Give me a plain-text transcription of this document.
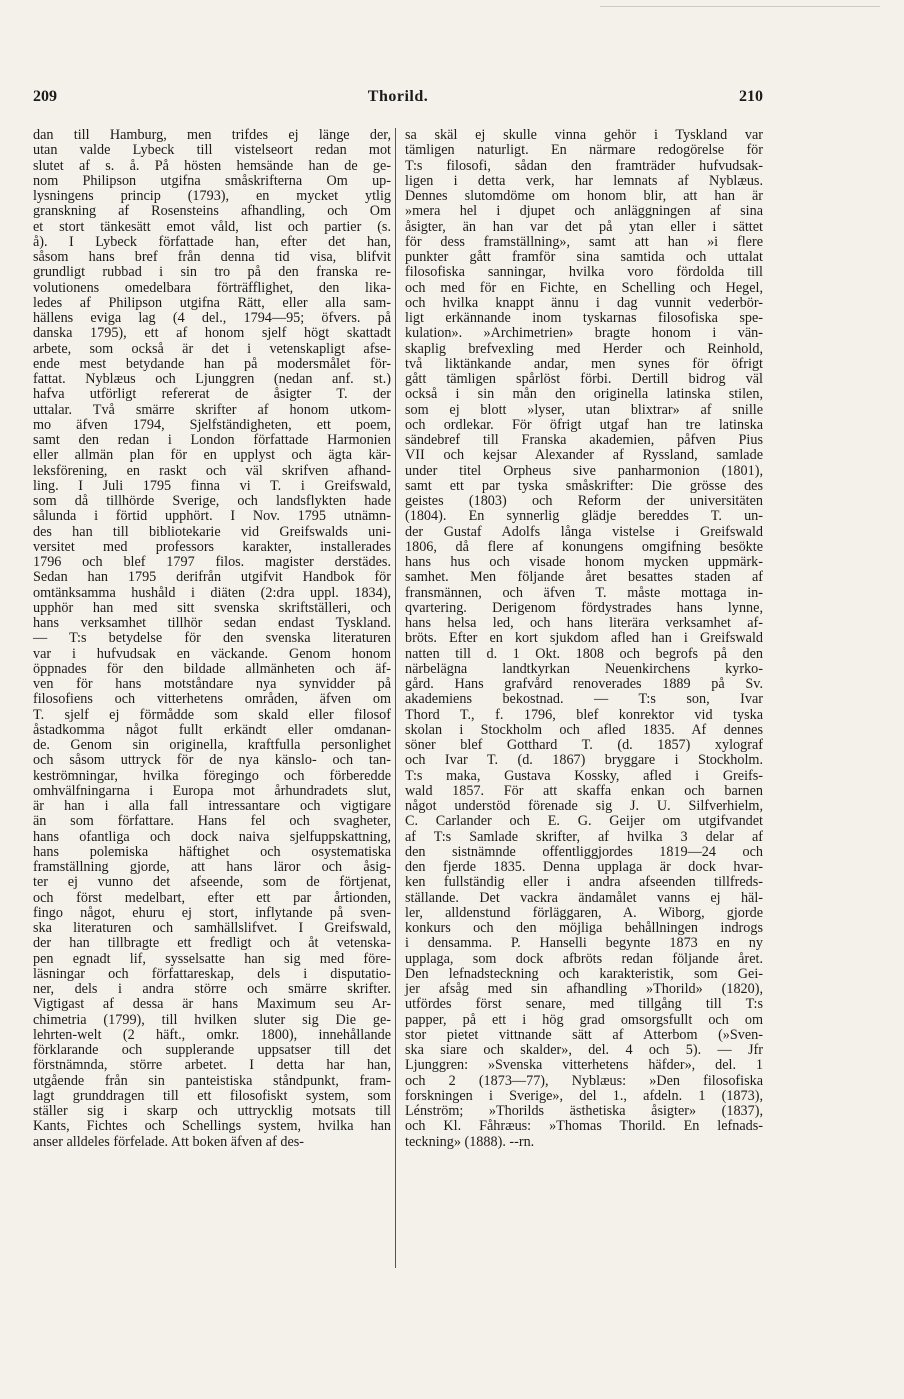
209	Thorild.	210
dan till Hamburg, men trifdes ej länge der,
utan valde Lybeck till vistelseort redan mot
slutet af s. å. På hösten hemsände han de ge-
nom Philipson utgifna småskrifterna Om up-
lysningens princip (1793), en mycket ytlig
granskning af Rosensteins afhandling, och Om
et stort tänkesätt emot våld, list och partier (s.
å). I Lybeck författade han, efter det han,
såsom hans bref från denna tid visa, blifvit
grundligt rubbad i sin tro på den franska re-
volutionens omedelbara förträfflighet, den lika-
ledes af Philipson utgifna Rätt, eller alla sam-
hällens eviga lag (4 del., 1794—95; öfvers. på
danska 1795), ett af honom sjelf högt skattadt
arbete, som också är det i vetenskapligt afse-
ende mest betydande han på modersmålet för-
fattat. Nyblæus och Ljunggren (nedan anf. st.)
hafva utförligt refererat de åsigter T. der
uttalar. Två smärre skrifter af honom utkom-
mo äfven 1794, Sjelfständigheten, ett poem,
samt den redan i London författade Harmonien
eller allmän plan för en upplyst och ägta kär-
leksförening, en raskt och väl skrifven afhand-
ling. I Juli 1795 finna vi T. i Greifswald,
som då tillhörde Sverige, och landsflykten hade
sålunda i förtid upphört. I Nov. 1795 utnämn-
des han till bibliotekarie vid Greifswalds uni-
versitet med professors karakter, installerades
1796 och blef 1797 filos. magister derstädes.
Sedan han 1795 derifrån utgifvit Handbok för
omtänksamma hushåld i diäten (2:dra uppl. 1834),
upphör han med sitt svenska skriftställeri, och
hans verksamhet tillhör sedan endast Tyskland.
— T:s betydelse för den svenska literaturen
var i hufvudsak en väckande. Genom honom
öppnades för den bildade allmänheten och äf-
ven för hans motståndare nya synvidder på
filosofiens och vitterhetens områden, äfven om
T. sjelf ej förmådde som skald eller filosof
åstadkomma något fullt erkändt eller omdanan-
de. Genom sin originella, kraftfulla personlighet
och såsom uttryck för de nya känslo- och tan-
keströmningar, hvilka föregingo och förberedde
omhvälfningarna i Europa mot århundradets slut,
är han i alla fall intressantare och vigtigare
än som författare. Hans fel och svagheter,
hans ofantliga och dock naiva sjelfuppskattning,
hans polemiska häftighet och osystematiska
framställning gjorde, att hans läror och åsig-
ter ej vunno det afseende, som de förtjenat,
och först medelbart, efter ett par årtionden,
fingo något, ehuru ej stort, inflytande på sven-
ska literaturen och samhällslifvet. I Greifswald,
der han tillbragte ett fredligt och åt vetenska-
pen egnadt lif, sysselsatte han sig med före-
läsningar och författareskap, dels i disputatio-
ner, dels i andra större och smärre skrifter.
Vigtigast af dessa är hans Maximum seu Ar-
chimetria (1799), till hvilken sluter sig Die ge-
lehrten-welt (2 häft., omkr. 1800), innehållande
förklarande och supplerande uppsatser till det
förstnämnda, större arbetet. I detta har han,
utgående från sin panteistiska ståndpunkt, fram-
lagt grunddragen till ett filosofiskt system, som
ställer sig i skarp och uttrycklig motsats till
Kants, Fichtes och Schellings system, hvilka han
anser alldeles förfelade. Att boken äfven af des-
sa skäl ej skulle vinna gehör i Tyskland var
tämligen naturligt. En närmare redogörelse för
T:s filosofi, sådan den framträder hufvudsak-
ligen i detta verk, har lemnats af Nyblæus.
Dennes slutomdöme om honom blir, att han är
»mera hel i djupet och anläggningen af sina
åsigter, än han var det på ytan eller i sättet
för dess framställning», samt att han »i flere
punkter gått framför sina samtida och uttalat
filosofiska sanningar, hvilka voro fördolda till
och med för en Fichte, en Schelling och Hegel,
och hvilka knappt ännu i dag vunnit vederbör-
ligt erkännande inom tyskarnas filosofiska spe-
kulation». »Archimetrien» bragte honom i vän-
skaplig brefvexling med Herder och Reinhold,
två liktänkande andar, men synes för öfrigt
gått tämligen spårlöst förbi. Dertill bidrog väl
också i sin mån den originella latinska stilen,
som ej blott »lyser, utan blixtrar» af snille
och ordlekar. För öfrigt utgaf han tre latinska
sändebref till Franska akademien, påfven Pius
VII och kejsar Alexander af Ryssland, samlade
under titel Orpheus sive panharmonion (1801),
samt ett par tyska småskrifter: Die grösse des
geistes (1803) och Reform der universitäten
(1804). En synnerlig glädje bereddes T. un-
der Gustaf Adolfs långa vistelse i Greifswald
1806, då flere af konungens omgifning besökte
hans hus och visade honom mycken uppmärk-
samhet. Men följande året besattes staden af
fransmännen, och äfven T. måste mottaga in-
qvartering. Derigenom fördystrades hans lynne,
hans helsa led, och hans literära verksamhet af-
bröts. Efter en kort sjukdom afled han i Greifswald
natten till d. 1 Okt. 1808 och begrofs på den
närbelägna landtkyrkan Neuenkirchens kyrko-
gård. Hans grafvård renoverades 1889 på Sv.
akademiens bekostnad. — T:s son, Ivar
Thord T., f. 1796, blef konrektor vid tyska
skolan i Stockholm och afled 1835. Af dennes
söner blef Gotthard T. (d. 1857) xylograf
och Ivar T. (d. 1867) bryggare i Stockholm.
T:s maka, Gustava Kossky, afled i Greifs-
wald 1857. För att skaffa enkan och barnen
något understöd förenade sig J. U. Silfverhielm,
C. Carlander och E. G. Geijer om utgifvandet
af T:s Samlade skrifter, af hvilka 3 delar af
den sistnämnde offentliggjordes 1819—24 och
den fjerde 1835. Denna upplaga är dock hvar-
ken fullständig eller i andra afseenden tillfreds-
ställande. Det vackra ändamålet vanns ej häl-
ler, alldenstund förläggaren, A. Wiborg, gjorde
konkurs och den möjliga behållningen indrogs
i densamma. P. Hanselli begynte 1873 en ny
upplaga, som dock afbröts redan följande året.
Den lefnadsteckning och karakteristik, som Gei-
jer afsåg med sin afhandling »Thorild» (1820),
utfördes först senare, med tillgång till T:s
papper, på ett i hög grad omsorgsfullt och om
stor pietet vittnande sätt af Atterbom (»Sven-
ska siare och skalder», del. 4 och 5). — Jfr
Ljunggren: »Svenska vitterhetens häfder», del. 1
och 2 (1873—77), Nyblæus: »Den filosofiska
forskningen i Sverige», del 1., afdeln. 1 (1873),
Lénström; »Thorilds ästhetiska åsigter» (1837),
och Kl. Fåhræus: »Thomas Thorild. En lefnads-
teckning» (1888). --rn.
